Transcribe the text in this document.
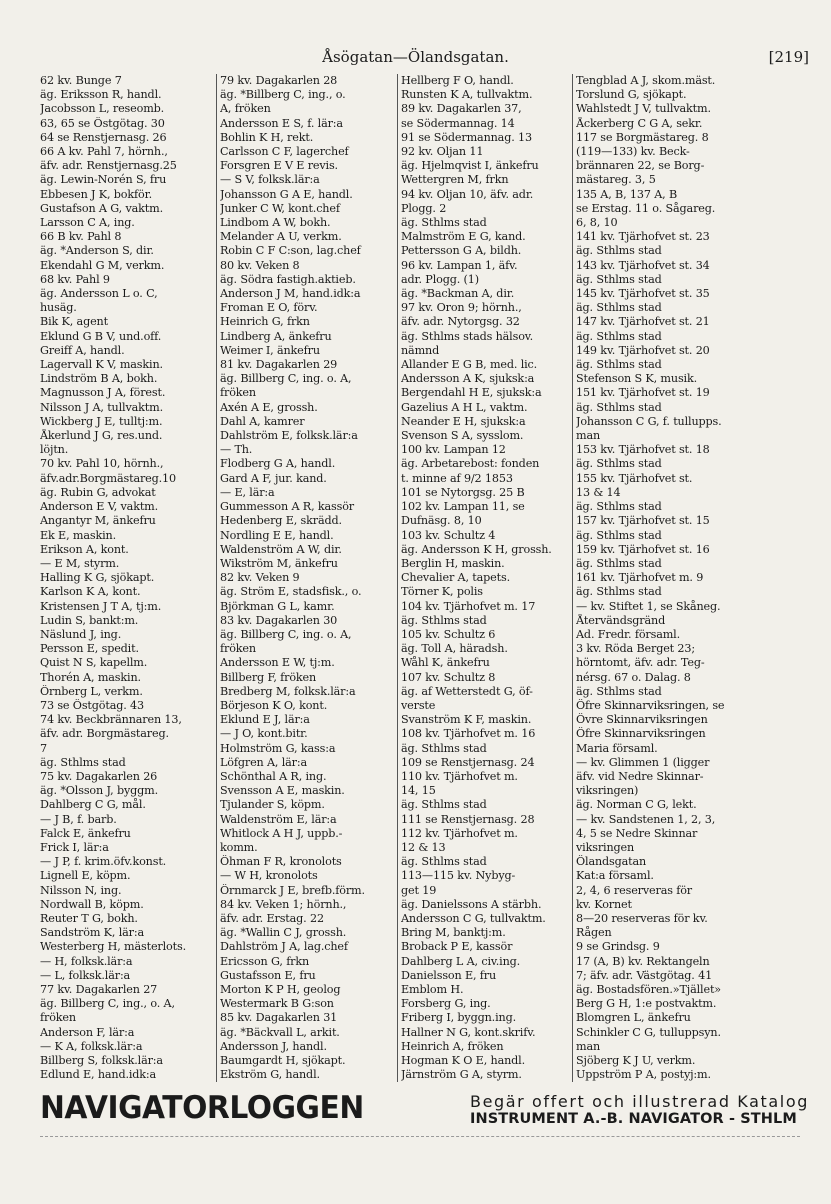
Åsögatan—Ölandsgatan.	[219]
62 kv. Bunge 7
äg. Eriksson R, handl.
Jacobsson L, reseomb.
63, 65 se Östgötag. 30
64 se Renstjernasg. 26
66 A kv. Pahl 7, hörnh.,
äfv. adr. Renstjernasg.25
äg. Lewin-Norén S, fru
Ebbesen J K, bokför.
Gustafson A G, vaktm.
Larsson C A, ing.
66 B kv. Pahl 8
äg. *Anderson S, dir.
Ekendahl G M, verkm.
68 kv. Pahl 9
äg. Andersson L o. C,
husäg.
Bik K, agent
Eklund G B V, und.off.
Greiff A, handl.
Lagervall K V, maskin.
Lindström B A, bokh.
Magnusson J A, förest.
Nilsson J A, tullvaktm.
Wickberg J E, tulltj:m.
Åkerlund J G, res.und.
löjtn.
70 kv. Pahl 10, hörnh.,
äfv.adr.Borgmästareg.10
äg. Rubin G, advokat
Anderson E V, vaktm.
Angantyr M, änkefru
Ek E, maskin.
Erikson A, kont.
— E M, styrm.
Halling K G, sjökapt.
Karlson K A, kont.
Kristensen J T A, tj:m.
Ludin S, bankt:m.
Näslund J, ing.
Persson E, spedit.
Quist N S, kapellm.
Thorén A, maskin.
Örnberg L, verkm.
73 se Östgötag. 43
74 kv. Beckbrännaren 13,
äfv. adr. Borgmästareg.
7
äg. Sthlms stad
75 kv. Dagakarlen 26
äg. *Olsson J, byggm.
Dahlberg C G, mål.
— J B, f. barb.
Falck E, änkefru
Frick I, lär:a
— J P, f. krim.öfv.konst.
Lignell E, köpm.
Nilsson N, ing.
Nordwall B, köpm.
Reuter T G, bokh.
Sandström K, lär:a
Westerberg H, mästerlots.
— H, folksk.lär:a
— L, folksk.lär:a
77 kv. Dagakarlen 27
äg. Billberg C, ing., o. A,
fröken
Anderson F, lär:a
— K A, folksk.lär:a
Billberg S, folksk.lär:a
Edlund E, hand.idk:a
79 kv. Dagakarlen 28
äg. *Billberg C, ing., o.
A, fröken
Andersson E S, f. lär:a
Bohlin K H, rekt.
Carlsson C F, lagerchef
Forsgren E V E revis.
— S V, folksk.lär:a
Johansson G A E, handl.
Junker C W, kont.chef
Lindbom A W, bokh.
Melander A U, verkm.
Robin C F C:son, lag.chef
80 kv. Veken 8
äg. Södra fastigh.aktieb.
Anderson J M, hand.idk:a
Froman E O, förv.
Heinrich G, frkn
Lindberg A, änkefru
Weimer I, änkefru
81 kv. Dagakarlen 29
äg. Billberg C, ing. o. A,
fröken
Axén A E, grossh.
Dahl A, kamrer
Dahlström E, folksk.lär:a
— Th.
Flodberg G A, handl.
Gard A F, jur. kand.
— E, lär:a
Gummesson A R, kassör
Hedenberg E, skrädd.
Nordling E E, handl.
Waldenström A W, dir.
Wikström M, änkefru
82 kv. Veken 9
äg. Ström E, stadsfisk., o.
Björkman G L, kamr.
83 kv. Dagakarlen 30
äg. Billberg C, ing. o. A,
fröken
Andersson E W, tj:m.
Billberg F, fröken
Bredberg M, folksk.lär:a
Börjeson K O, kont.
Eklund E J, lär:a
— J O, kont.bitr.
Holmström G, kass:a
Löfgren A, lär:a
Schönthal A R, ing.
Svensson A E, maskin.
Tjulander S, köpm.
Waldenström E, lär:a
Whitlock A H J, uppb.-
komm.
Öhman F R, kronolots
— W H, kronolots
Örnmarck J E, brefb.förm.
84 kv. Veken 1; hörnh.,
äfv. adr. Erstag. 22
äg. *Wallin C J, grossh.
Dahlström J A, lag.chef
Ericsson G, frkn
Gustafsson E, fru
Morton K P H, geolog
Westermark B G:son
85 kv. Dagakarlen 31
äg. *Bäckvall L, arkit.
Andersson J, handl.
Baumgardt H, sjökapt.
Ekström G, handl.
Hellberg F O, handl.
Runsten K A, tullvaktm.
89 kv. Dagakarlen 37,
se Södermannag. 14
91 se Södermannag. 13
92 kv. Oljan 11
äg. Hjelmqvist I, änkefru
Wettergren M, frkn
94 kv. Oljan 10, äfv. adr.
Plogg. 2
äg. Sthlms stad
Malmström E G, kand.
Pettersson G A, bildh.
96 kv. Lampan 1, äfv.
adr. Plogg. (1)
äg. *Backman A, dir.
97 kv. Oron 9; hörnh.,
äfv. adr. Nytorgsg. 32
äg. Sthlms stads hälsov.
nämnd
Allander E G B, med. lic.
Andersson A K, sjuksk:a
Bergendahl H E, sjuksk:a
Gazelius A H L, vaktm.
Neander E H, sjuksk:a
Svenson S A, sysslom.
100 kv. Lampan 12
äg. Arbetarebost: fonden
t. minne af 9/2 1853
101 se Nytorgsg. 25 B
102 kv. Lampan 11, se
Dufnäsg. 8, 10
103 kv. Schultz 4
äg. Andersson K H, grossh.
Berglin H, maskin.
Chevalier A, tapets.
Törner K, polis
104 kv. Tjärhofvet m. 17
äg. Sthlms stad
105 kv. Schultz 6
äg. Toll A, häradsh.
Wåhl K, änkefru
107 kv. Schultz 8
äg. af Wetterstedt G, öf-
verste
Svanström K F, maskin.
108 kv. Tjärhofvet m. 16
äg. Sthlms stad
109 se Renstjernasg. 24
110 kv. Tjärhofvet m.
14, 15
äg. Sthlms stad
111 se Renstjernasg. 28
112 kv. Tjärhofvet m.
12 & 13
äg. Sthlms stad
113—115 kv. Nybyg-
get 19
äg. Danielssons A stärbh.
Andersson C G, tullvaktm.
Bring M, banktj:m.
Broback P E, kassör
Dahlberg L A, civ.ing.
Danielsson E, fru
Emblom H.
Forsberg G, ing.
Friberg I, byggn.ing.
Hallner N G, kont.skrifv.
Heinrich A, fröken
Hogman K O E, handl.
Järnström G A, styrm.
Tengblad A J, skom.mäst.
Torslund G, sjökapt.
Wahlstedt J V, tullvaktm.
Åckerberg C G A, sekr.
117 se Borgmästareg. 8
(119—133) kv. Beck-
brännaren 22, se Borg-
mästareg. 3, 5
135 A, B, 137 A, B
se Erstag. 11 o. Sågareg.
6, 8, 10
141 kv. Tjärhofvet st. 23
äg. Sthlms stad
143 kv. Tjärhofvet st. 34
äg. Sthlms stad
145 kv. Tjärhofvet st. 35
äg. Sthlms stad
147 kv. Tjärhofvet st. 21
äg. Sthlms stad
149 kv. Tjärhofvet st. 20
äg. Sthlms stad
Stefenson S K, musik.
151 kv. Tjärhofvet st. 19
äg. Sthlms stad
Johansson C G, f. tullupps.
man
153 kv. Tjärhofvet st. 18
äg. Sthlms stad
155 kv. Tjärhofvet st.
13 & 14
äg. Sthlms stad
157 kv. Tjärhofvet st. 15
äg. Sthlms stad
159 kv. Tjärhofvet st. 16
äg. Sthlms stad
161 kv. Tjärhofvet m. 9
äg. Sthlms stad
— kv. Stiftet 1, se Skåneg.
Återvändsgränd
Ad. Fredr. församl.
3 kv. Röda Berget 23;
hörntomt, äfv. adr. Teg-
nérsg. 67 o. Dalag. 8
äg. Sthlms stad
Öfre Skinnarviksringen, se
Övre Skinnarviksringen
Öfre Skinnarviksringen
Maria församl.
— kv. Glimmen 1 (ligger
äfv. vid Nedre Skinnar-
viksringen)
äg. Norman C G, lekt.
— kv. Sandstenen 1, 2, 3,
4, 5 se Nedre Skinnar
viksringen
Ölandsgatan
Kat:a församl.
2, 4, 6 reserveras för
kv. Kornet
8—20 reserveras för kv.
Rågen
9 se Grindsg. 9
17 (A, B) kv. Rektangeln
7; äfv. adr. Västgötag. 41
äg. Bostadsfören.»Tjället»
Berg G H, 1:e postvaktm.
Blomgren L, änkefru
Schinkler C G, tulluppsyn.
man
Sjöberg K J U, verkm.
Uppström P A, postyj:m.
NAVIGATORLOGGEN	Begär offert och illustrerad Katalog
INSTRUMENT A.-B. NAVIGATOR - STHLM
